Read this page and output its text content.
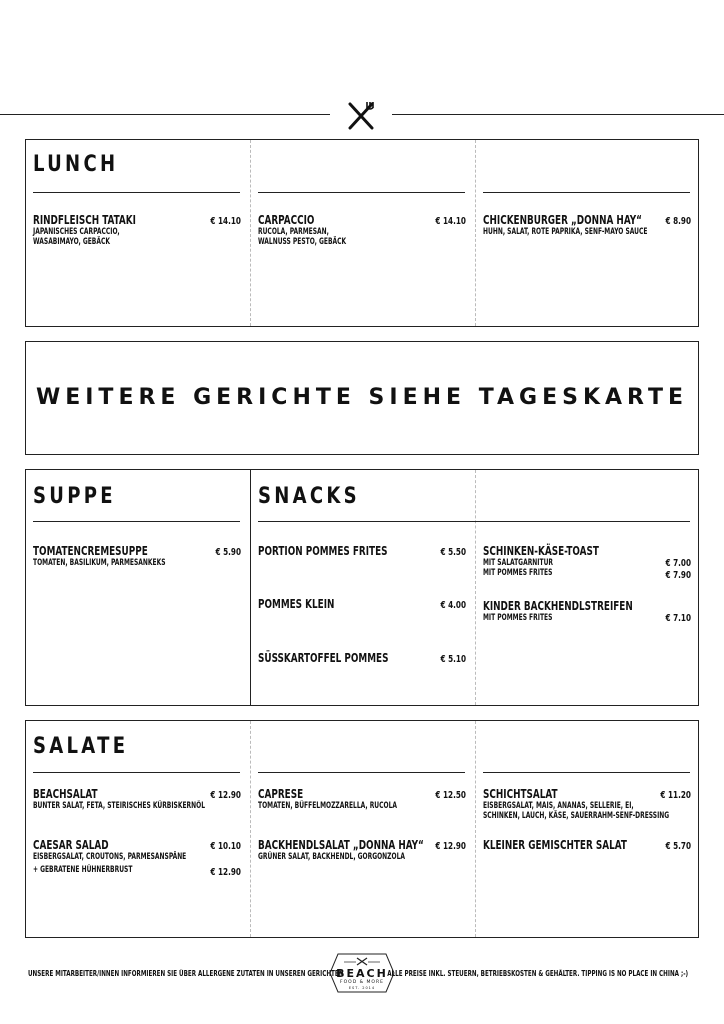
LUNCH
RINDFLEISCH TATAKI
JAPANISCHES CARPACCIO,
WASABIMAYO, GEBÄCK
€ 14.10 CARPACCIO
RUCOLA, PARMESAN,
WALNUSS PESTO, GEBÄCK
€ 14.10 CHICKENBURGER „DONNA HAY“
HUHN, SALAT, ROTE PAPRIKA, SENF-MAYO SAUCE
€ 8.90
WEITERE GERICHTE SIEHE TAGESKARTE
SUPPE	SNACKS
TOMATENCREMESUPPE
TOMATEN, BASILIKUM, PARMESANKEKS
€ 5.90 PORTION POMMES FRITES	€ 5.50
POMMES KLEIN	€ 4.00
SÜSSKARTOFFEL POMMES	€ 5.10
SCHINKEN-KÄSE-TOAST
MIT SALATGARNITUR
MIT POMMES FRITES
€ 7.00
€ 7.90
KINDER BACKHENDLSTREIFEN
MIT POMMES FRITES	€ 7.10
SALATE
BEACHSALAT
BUNTER SALAT, FETA, STEIRISCHES KÜRBISKERNÖL
€ 12.90
CAESAR SALAD
EISBERGSALAT, CROUTONS, PARMESANSPÄNE
+ GEBRATENE HÜHNERBRUST
€ 10.10
€ 12.90
CAPRESE
TOMATEN, BÜFFELMOZZARELLA, RUCOLA
€ 12.50
BACKHENDLSALAT „DONNA HAY“
GRÜNER SALAT, BACKHENDL, GORGONZOLA
€ 12.90
SCHICHTSALAT
EISBERGSALAT, MAIS, ANANAS, SELLERIE, EI,
SCHINKEN, LAUCH, KÄSE, SAUERRAHM-SENF-DRESSING
€ 11.20
KLEINER GEMISCHTER SALAT	€ 5.70
UNSERE MITARBEITER/INNEN INFORMIEREN SIE ÜBER ALLERGENE ZUTATEN IN UNSEREN GERICHTEN	ALLE PREISE INKL. STEUERN, BETRIEBSKOSTEN & GEHÄLTER. TIPPING IS NO PLACE IN CHINA ;-)
BEACH
FOOD & MORE
EST. 2014
